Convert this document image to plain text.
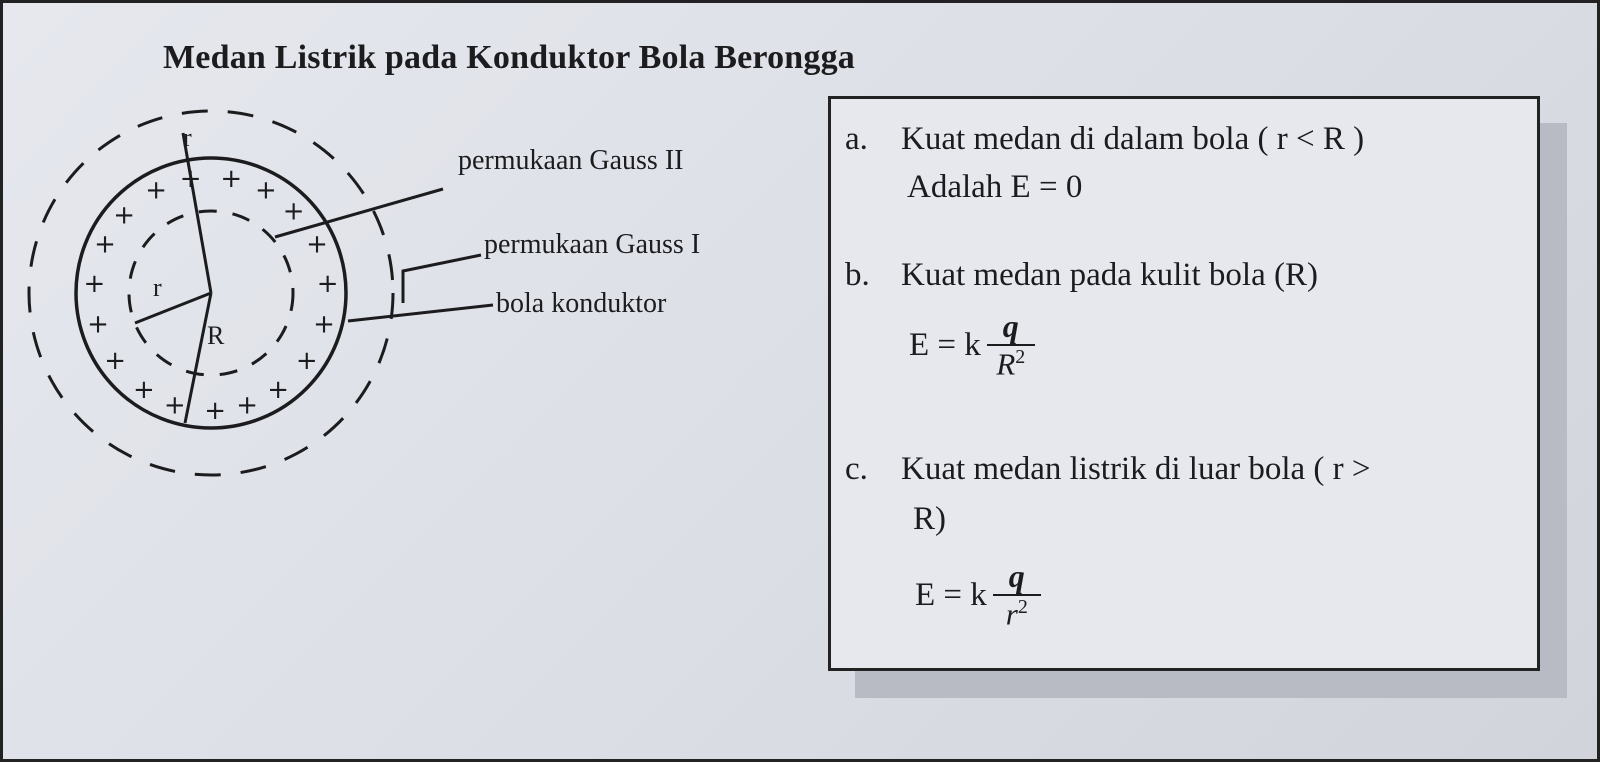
Medan Listrik pada Konduktor Bola Berongga
+ + +
+
+
+
+
+
+
+
+
+
+
+
+
+
+
+
+
permukaan Gauss II
permukaan Gauss I
bola konduktor
r
r
R
a. Kuat medan di dalam bola ( r < R )
Adalah E = 0
b. Kuat medan pada kulit bola (R)
E = k $\frac{q}{R^2}$
c. Kuat medan listrik di luar bola ( r >
R)
E = k $\frac{q}{r^2}$
